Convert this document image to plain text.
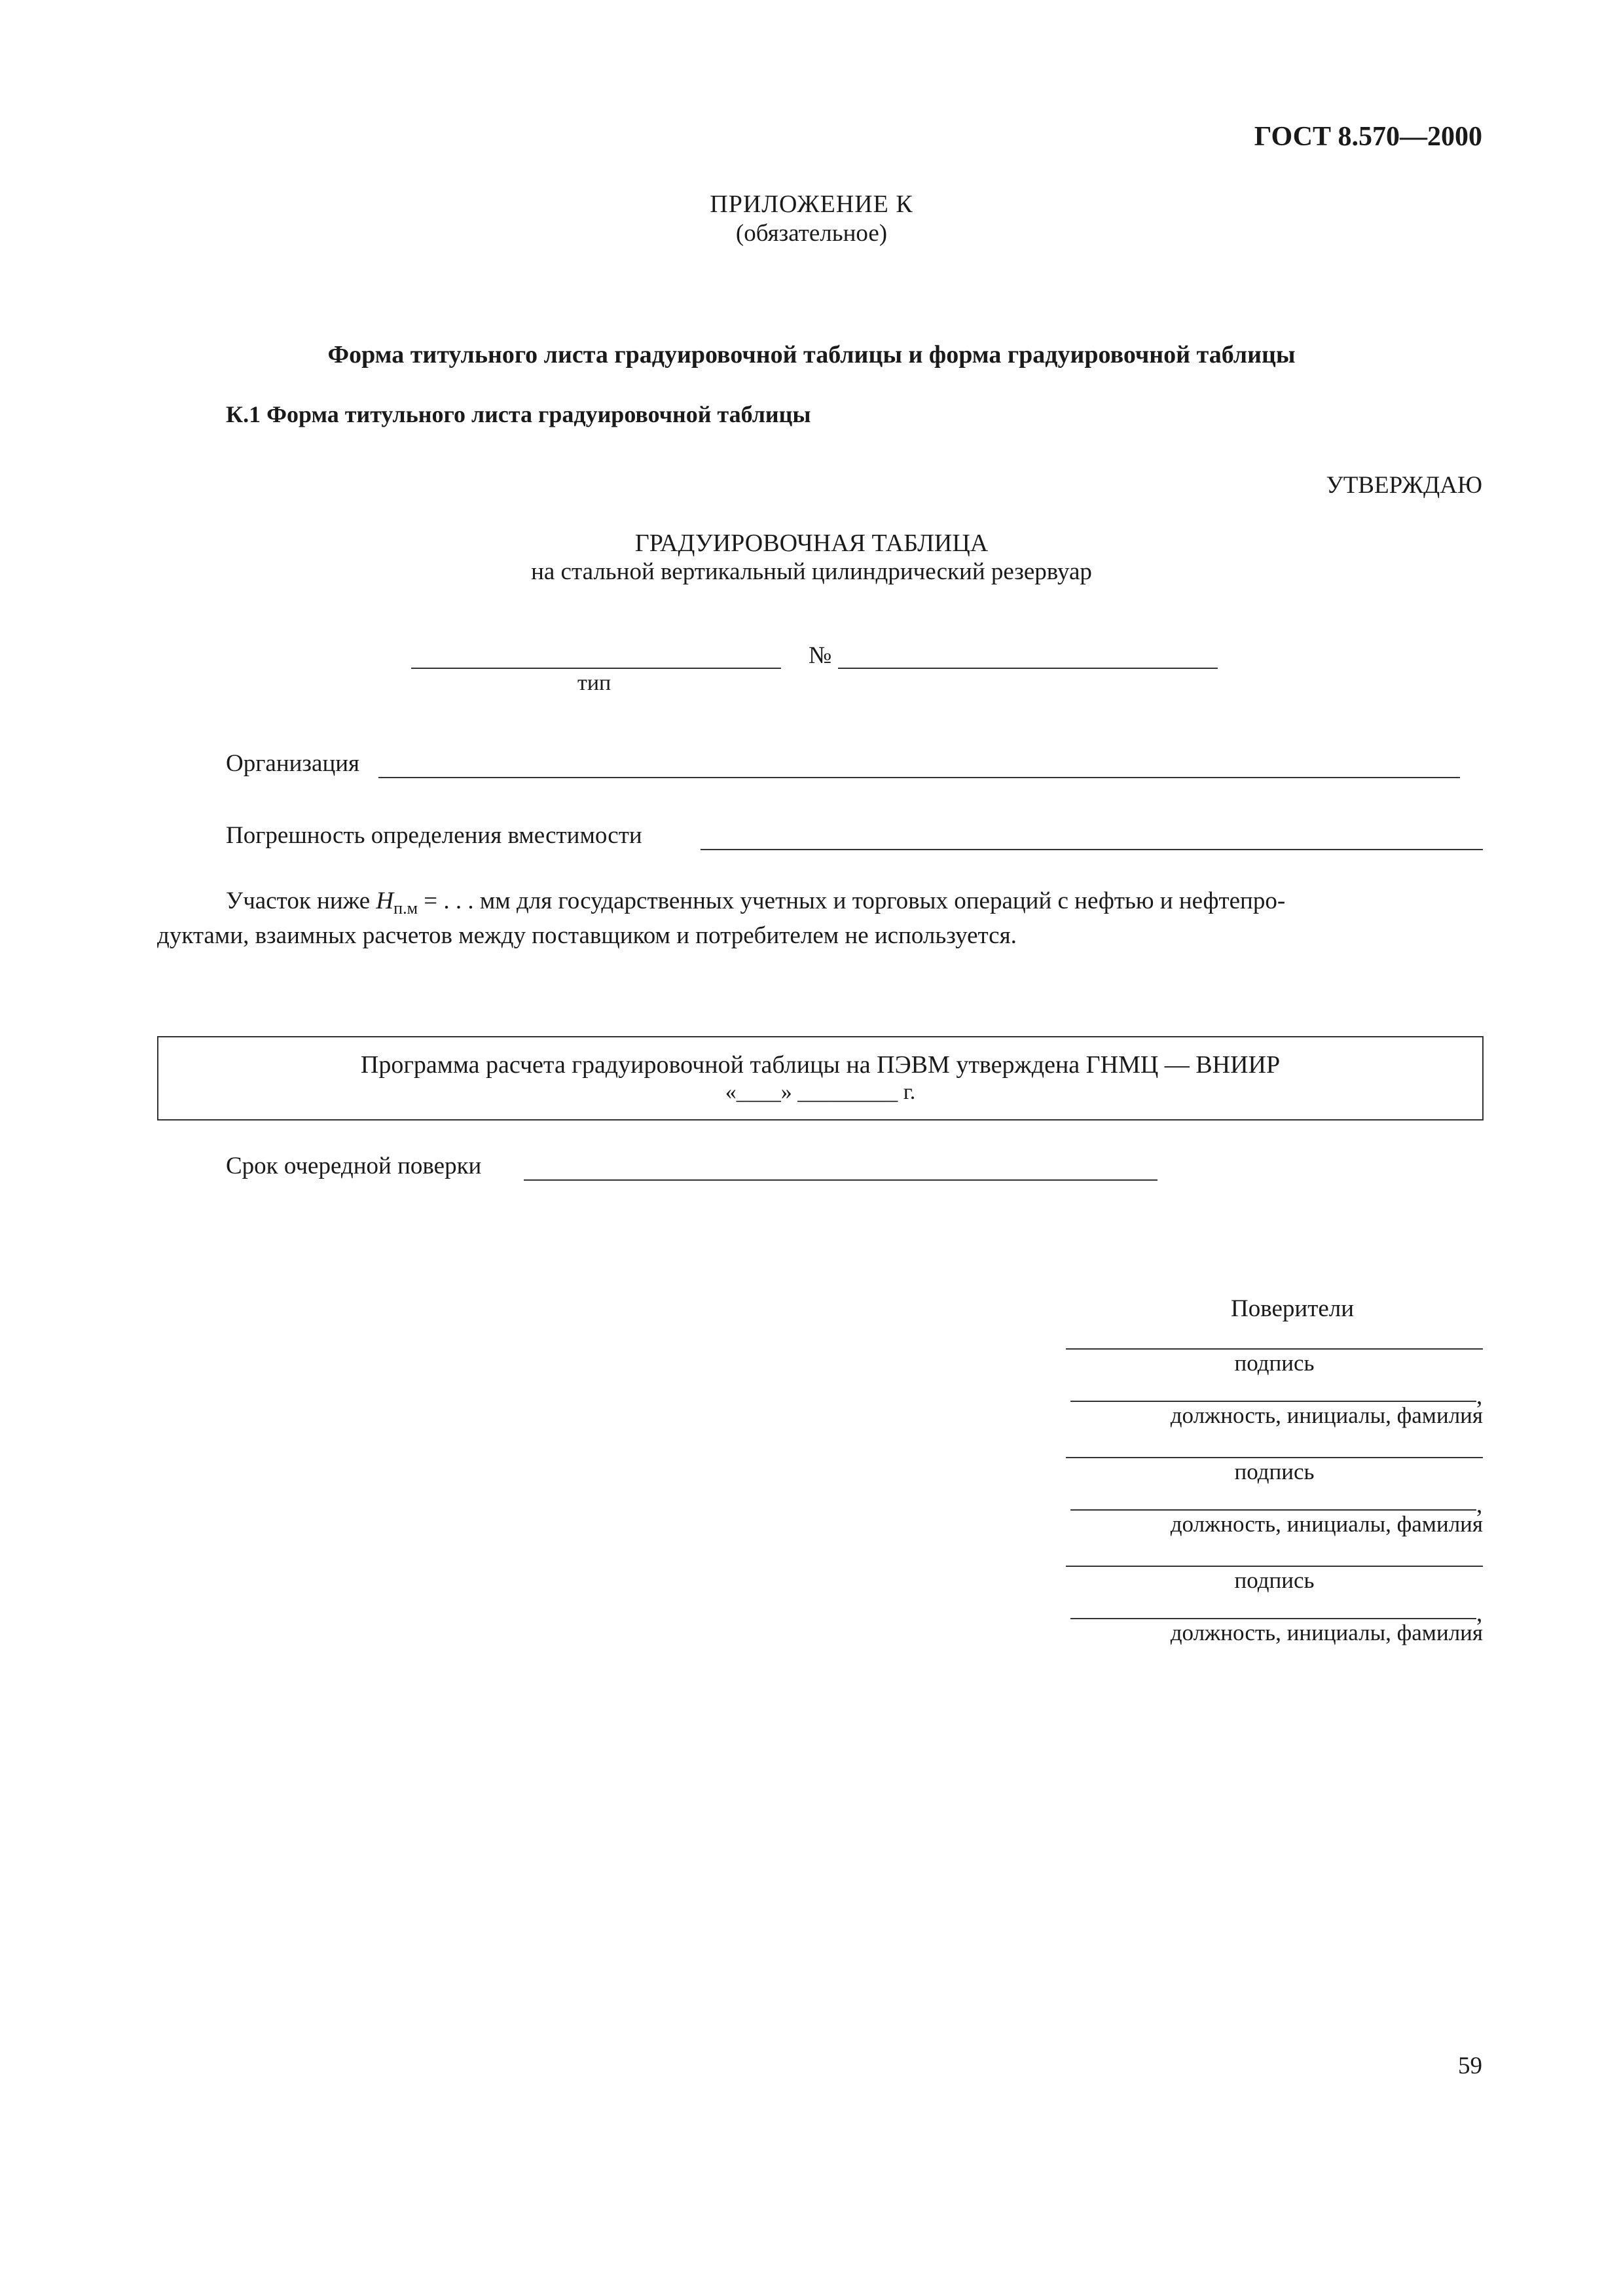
ГОСТ 8.570—2000
ПРИЛОЖЕНИЕ К
(обязательное)
Форма титульного листа градуировочной таблицы и форма градуировочной таблицы
К.1 Форма титульного листа градуировочной таблицы
УТВЕРЖДАЮ
ГРАДУИРОВОЧНАЯ ТАБЛИЦА
на стальной вертикальный цилиндрический резервуар
тип
№
Организация
Погрешность определения вместимости
Участок ниже $H_{п.м}$ = . . . мм для государственных учетных и торговых операций с нефтью и нефтепро-
дуктами, взаимных расчетов между поставщиком и потребителем не используется.
Программа расчета градуировочной таблицы на ПЭВМ утверждена ГНМЦ — ВНИИР
«____» _________ г.
Срок очередной поверки
Поверители
подпись
,
должность, инициалы, фамилия
подпись
,
должность, инициалы, фамилия
подпись
,
должность, инициалы, фамилия
59
